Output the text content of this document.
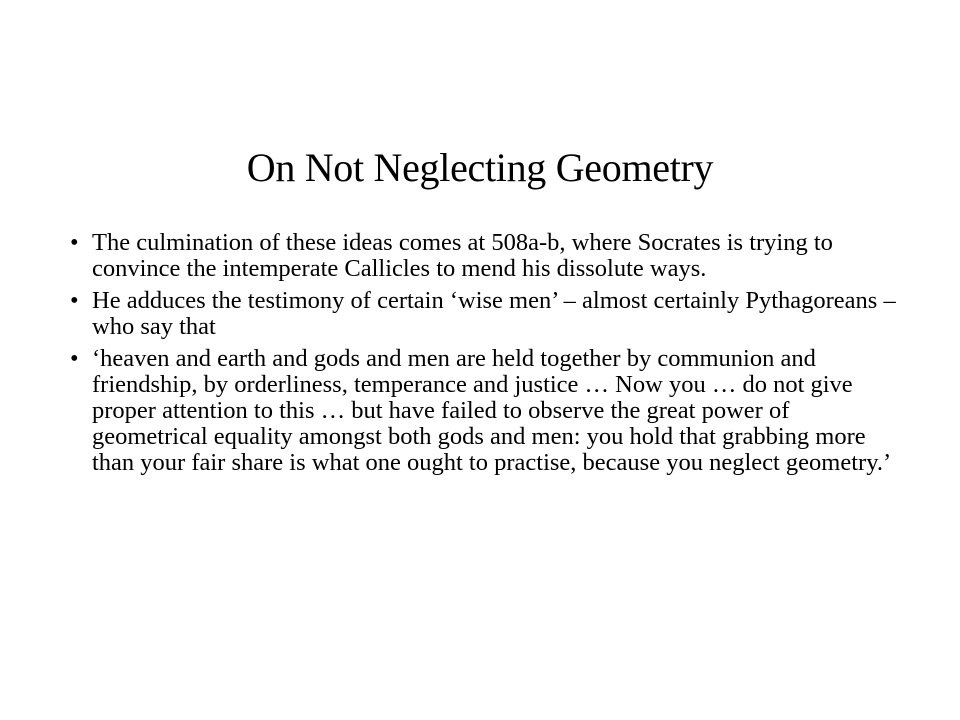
On Not Neglecting Geometry
• The culmination of these ideas comes at 508a-b, where Socrates is trying to convince the intemperate Callicles to mend his dissolute ways.
• He adduces the testimony of certain ‘wise men’ – almost certainly Pythagoreans – who say that
• ‘heaven and earth and gods and men are held together by communion and friendship, by orderliness, temperance and justice … Now you … do not give proper attention to this … but have failed to observe the great power of geometrical equality amongst both gods and men: you hold that grabbing more than your fair share is what one ought to practise, because you neglect geometry.’
